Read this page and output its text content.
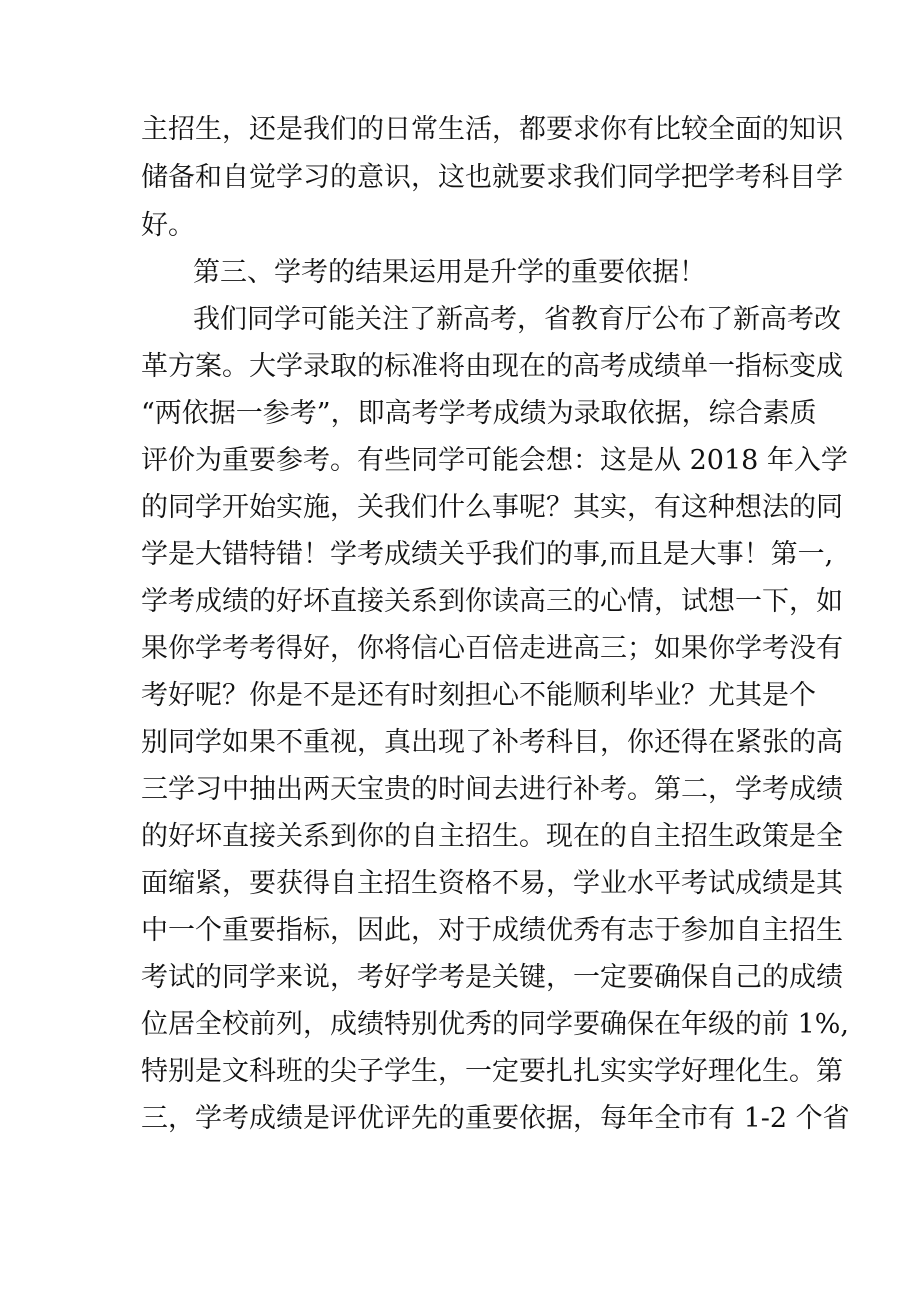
主招生，还是我们的日常生活，都要求你有比较全面的知识
储备和自觉学习的意识，这也就要求我们同学把学考科目学
好。
第三、学考的结果运用是升学的重要依据！
我们同学可能关注了新高考，省教育厅公布了新高考改
革方案。大学录取的标准将由现在的高考成绩单一指标变成
“两依据一参考”，即高考学考成绩为录取依据，综合素质
评价为重要参考。有些同学可能会想：这是从 2018 年入学
的同学开始实施，关我们什么事呢？其实，有这种想法的同
学是大错特错！学考成绩关乎我们的事,而且是大事！第一,
学考成绩的好坏直接关系到你读高三的心情，试想一下，如
果你学考考得好，你将信心百倍走进高三；如果你学考没有
考好呢？你是不是还有时刻担心不能顺利毕业？尤其是个
别同学如果不重视，真出现了补考科目，你还得在紧张的高
三学习中抽出两天宝贵的时间去进行补考。第二，学考成绩
的好坏直接关系到你的自主招生。现在的自主招生政策是全
面缩紧，要获得自主招生资格不易，学业水平考试成绩是其
中一个重要指标，因此，对于成绩优秀有志于参加自主招生
考试的同学来说，考好学考是关键，一定要确保自己的成绩
位居全校前列，成绩特别优秀的同学要确保在年级的前 1%,
特别是文科班的尖子学生，一定要扎扎实实学好理化生。第
三，学考成绩是评优评先的重要依据，每年全市有 1-2 个省
